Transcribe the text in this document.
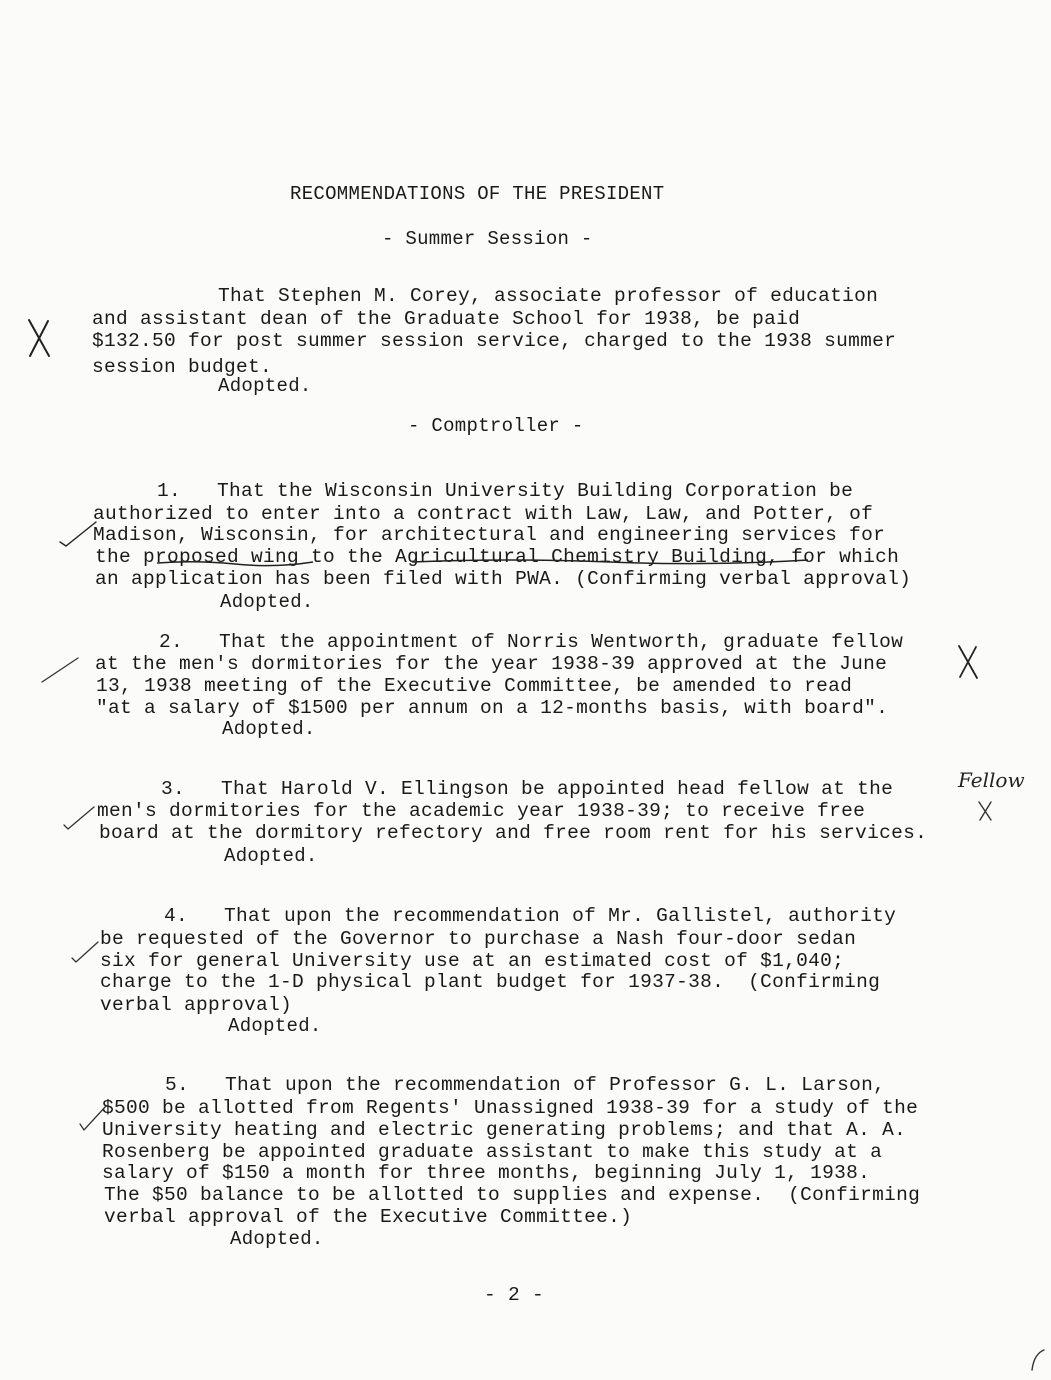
RECOMMENDATIONS OF THE PRESIDENT
- Summer Session -
That Stephen M. Corey, associate professor of education
and assistant dean of the Graduate School for 1938, be paid
$132.50 for post summer session service, charged to the 1938 summer
session budget.
Adopted.
- Comptroller -
1.   That the Wisconsin University Building Corporation be
authorized to enter into a contract with Law, Law, and Potter, of
Madison, Wisconsin, for architectural and engineering services for
the proposed wing to the Agricultural Chemistry Building, for which
an application has been filed with PWA. (Confirming verbal approval)
Adopted.
2.   That the appointment of Norris Wentworth, graduate fellow
at the men's dormitories for the year 1938-39 approved at the June
13, 1938 meeting of the Executive Committee, be amended to read
"at a salary of $1500 per annum on a 12-months basis, with board".
Adopted.
3.   That Harold V. Ellingson be appointed head fellow at the
men's dormitories for the academic year 1938-39; to receive free
board at the dormitory refectory and free room rent for his services.
Adopted.
4.   That upon the recommendation of Mr. Gallistel, authority
be requested of the Governor to purchase a Nash four-door sedan
six for general University use at an estimated cost of $1,040;
charge to the 1-D physical plant budget for 1937-38.  (Confirming
verbal approval)
Adopted.
5.   That upon the recommendation of Professor G. L. Larson,
$500 be allotted from Regents' Unassigned 1938-39 for a study of the
University heating and electric generating problems; and that A. A.
Rosenberg be appointed graduate assistant to make this study at a
salary of $150 a month for three months, beginning July 1, 1938.
The $50 balance to be allotted to supplies and expense.  (Confirming
verbal approval of the Executive Committee.)
Adopted.
- 2 -
Fellow
